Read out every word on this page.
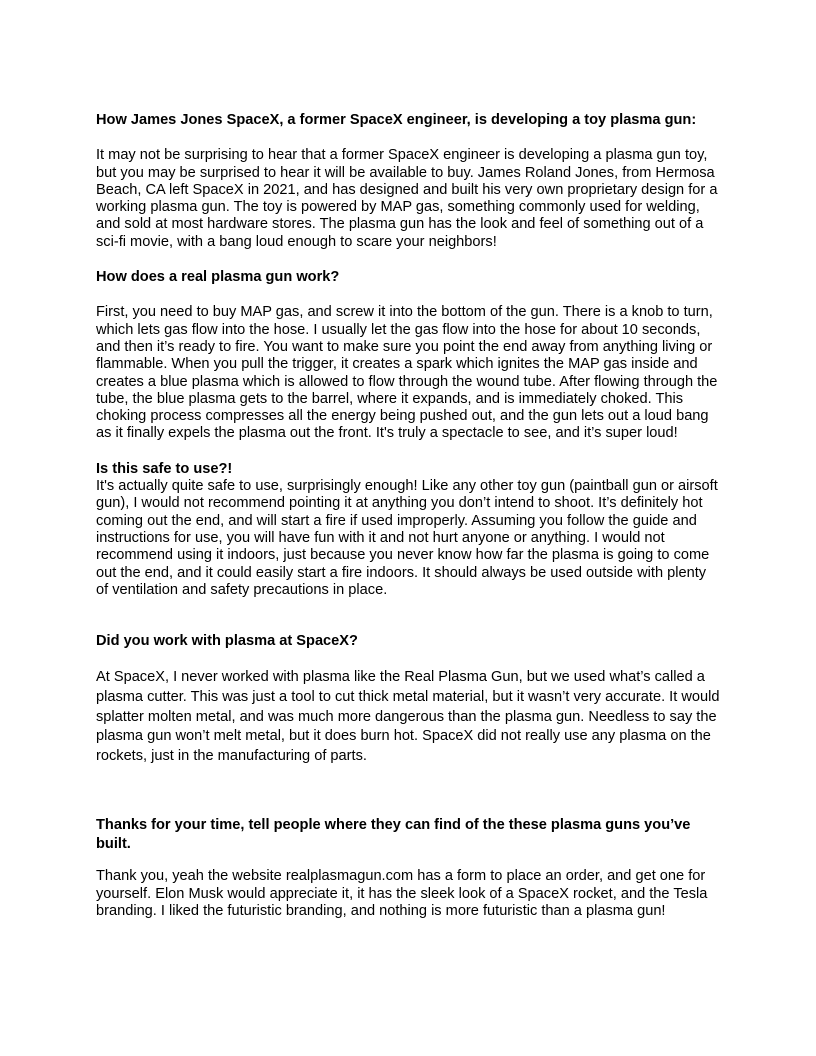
How James Jones SpaceX, a former SpaceX engineer, is developing a toy plasma gun:

It may not be surprising to hear that a former SpaceX engineer is developing a plasma gun toy, but you may be surprised to hear it will be available to buy. James Roland Jones, from Hermosa Beach, CA left SpaceX in 2021, and has designed and built his very own proprietary design for a working plasma gun. The toy is powered by MAP gas, something commonly used for welding, and sold at most hardware stores. The plasma gun has the look and feel of something out of a sci-fi movie, with a bang loud enough to scare your neighbors!

How does a real plasma gun work?

First, you need to buy MAP gas, and screw it into the bottom of the gun. There is a knob to turn, which lets gas flow into the hose. I usually let the gas flow into the hose for about 10 seconds, and then it’s ready to fire. You want to make sure you point the end away from anything living or flammable. When you pull the trigger, it creates a spark which ignites the MAP gas inside and creates a blue plasma which is allowed to flow through the wound tube. After flowing through the tube, the blue plasma gets to the barrel, where it expands, and is immediately choked. This choking process compresses all the energy being pushed out, and the gun lets out a loud bang as it finally expels the plasma out the front. It's truly a spectacle to see, and it’s super loud!

Is this safe to use?!

It's actually quite safe to use, surprisingly enough! Like any other toy gun (paintball gun or airsoft gun), I would not recommend pointing it at anything you don’t intend to shoot. It’s definitely hot coming out the end, and will start a fire if used improperly. Assuming you follow the guide and instructions for use, you will have fun with it and not hurt anyone or anything. I would not recommend using it indoors, just because you never know how far the plasma is going to come out the end, and it could easily start a fire indoors. It should always be used outside with plenty of ventilation and safety precautions in place.

Did you work with plasma at SpaceX?

At SpaceX, I never worked with plasma like the Real Plasma Gun, but we used what’s called a plasma cutter. This was just a tool to cut thick metal material, but it wasn’t very accurate. It would splatter molten metal, and was much more dangerous than the plasma gun. Needless to say the plasma gun won’t melt metal, but it does burn hot. SpaceX did not really use any plasma on the rockets, just in the manufacturing of parts.

Thanks for your time, tell people where they can find of the these plasma guns you’ve built.

Thank you, yeah the website realplasmagun.com has a form to place an order, and get one for yourself. Elon Musk would appreciate it, it has the sleek look of a SpaceX rocket, and the Tesla branding. I liked the futuristic branding, and nothing is more futuristic than a plasma gun!
